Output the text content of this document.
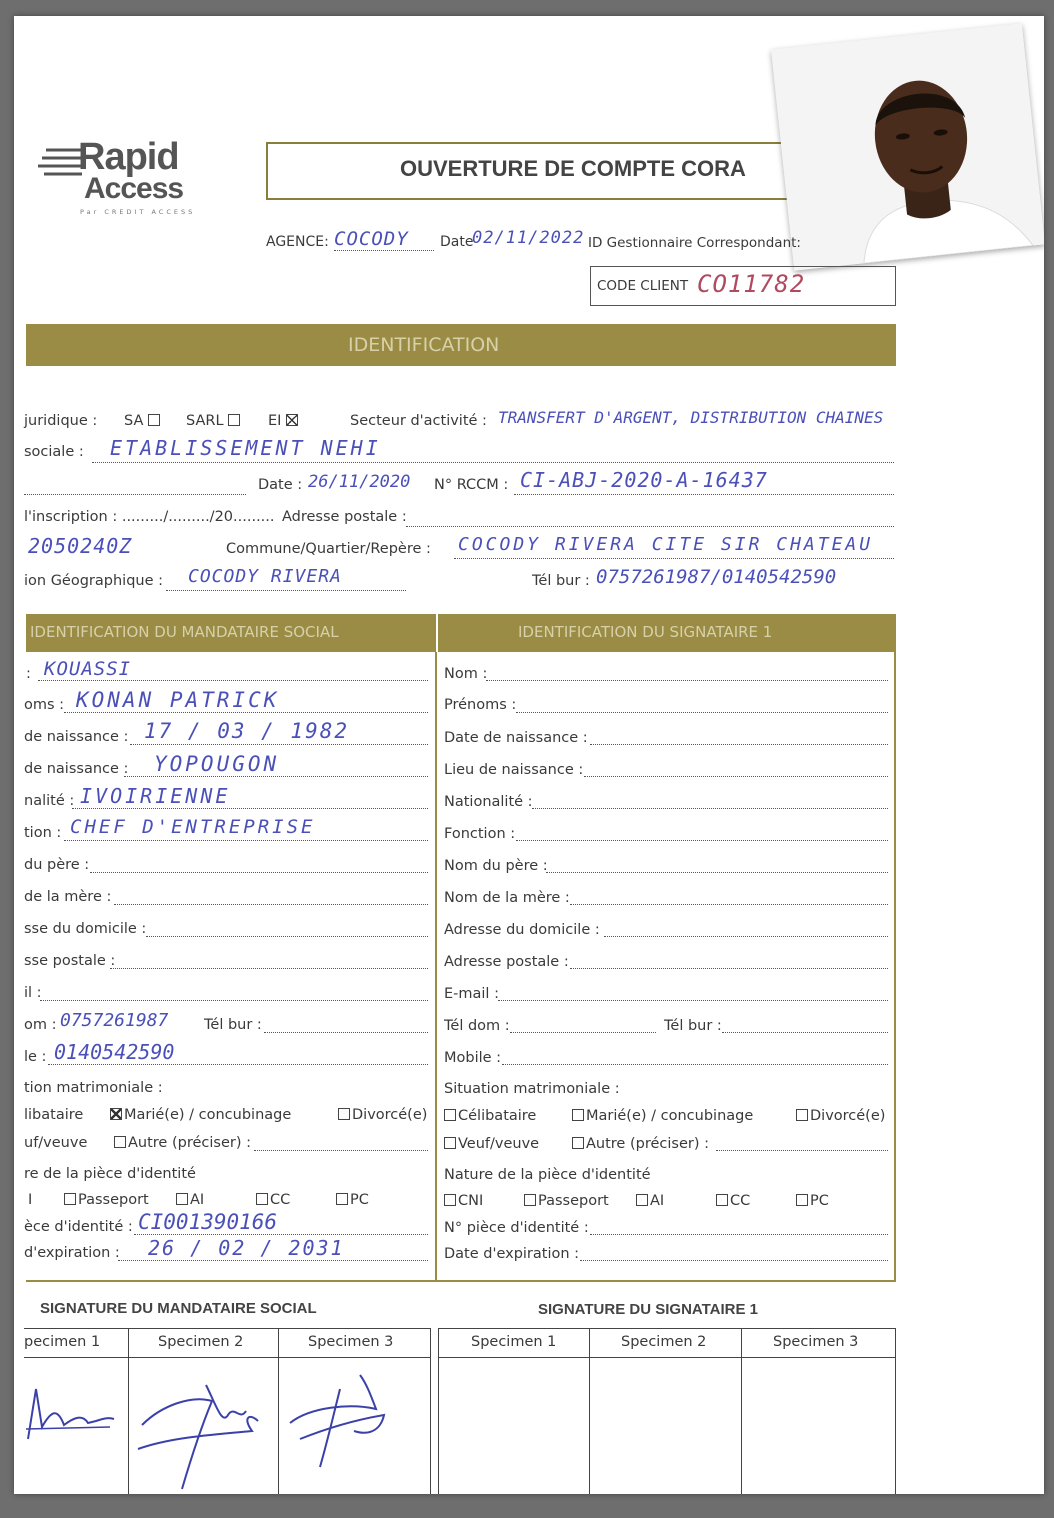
Rapid
Access
Par CREDIT ACCESS
OUVERTURE DE COMPTE CORA
AGENCE: COCODY Date
02/11/2022 ID Gestionnaire Correspondant:
CODE CLIENT CO11782
IDENTIFICATION
juridique : SA	SARL	EI	Secteur d'activité : TRANSFERT D'ARGENT, DISTRIBUTION CHAINES
sociale : ETABLISSEMENT NEHI
Date : 26/11/2020 N° RCCM : CI-ABJ-2020-A-16437
l'inscription : ........./........./20......... Adresse postale :
2050240Z	Commune/Quartier/Repère : COCODY RIVERA CITE SIR CHATEAU
ion Géographique : COCODY RIVERA	Tél bur : 0757261987/0140542590
IDENTIFICATION DU MANDATAIRE SOCIAL	IDENTIFICATION DU SIGNATAIRE 1
: KOUASSI
oms : KONAN PATRICK
de naissance : 17 / 03 / 1982
de naissance : YOPOUGON
nalité : IVOIRIENNE
tion : CHEF D'ENTREPRISE
du père :
de la mère :
sse du domicile :
sse postale :
il :
om : 0757261987 Tél bur :
le : 0140542590
tion matrimoniale :
libataire	Marié(e) / concubinage	Divorcé(e)
uf/veuve	Autre (préciser) :
re de la pièce d'identité
I	Passeport	AI	CC	PC
èce d'identité : CI001390166
d'expiration : 26 / 02 / 2031
Nom :
Prénoms :
Date de naissance :
Lieu de naissance :
Nationalité :
Fonction :
Nom du père :
Nom de la mère :
Adresse du domicile :
Adresse postale :
E-mail :
Tél dom :	Tél bur :
Mobile :
Situation matrimoniale :
Célibataire	Marié(e) / concubinage	Divorcé(e)
Veuf/veuve	Autre (préciser) :
Nature de la pièce d'identité
CNI	Passeport	AI	CC	PC
N° pièce d'identité :
Date d'expiration :
SIGNATURE DU MANDATAIRE SOCIAL	SIGNATURE DU SIGNATAIRE 1
pecimen 1	Specimen 2	Specimen 3	Specimen 1	Specimen 2	Specimen 3
